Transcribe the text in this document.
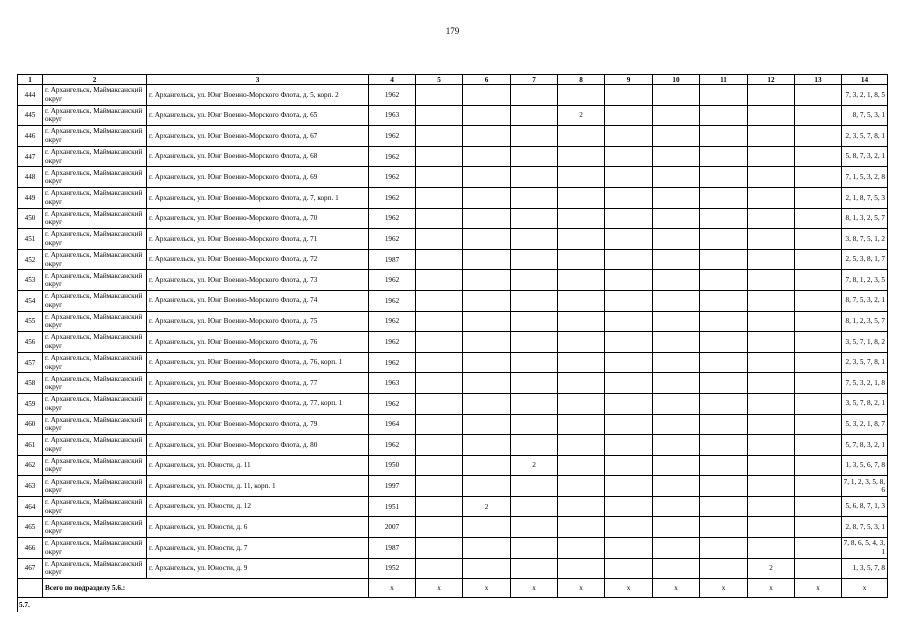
179
1	2	3	4	5	6	7	8	9	10	11	12	13	14
444	г. Архангельск, Маймаксанский округ	г. Архангельск, ул. Юнг Военно-Морского Флота, д. 5, корп. 2	1962										7, 3, 2, 1, 8, 5
445	г. Архангельск, Маймаксанский округ	г. Архангельск, ул. Юнг Военно-Морского Флота, д. 65	1963				2						8, 7, 5, 3, 1
446	г. Архангельск, Маймаксанский округ	г. Архангельск, ул. Юнг Военно-Морского Флота, д. 67	1962										2, 3, 5, 7, 8, 1
447	г. Архангельск, Маймаксанский округ	г. Архангельск, ул. Юнг Военно-Морского Флота, д. 68	1962										5, 8, 7, 3, 2, 1
448	г. Архангельск, Маймаксанский округ	г. Архангельск, ул. Юнг Военно-Морского Флота, д. 69	1962										7, 1, 5, 3, 2, 8
449	г. Архангельск, Маймаксанский округ	г. Архангельск, ул. Юнг Военно-Морского Флота, д. 7, корп. 1	1962										2, 1, 8, 7, 5, 3
450	г. Архангельск, Маймаксанский округ	г. Архангельск, ул. Юнг Военно-Морского Флота, д. 70	1962										8, 1, 3, 2, 5, 7
451	г. Архангельск, Маймаксанский округ	г. Архангельск, ул. Юнг Военно-Морского Флота, д. 71	1962										3, 8, 7, 5, 1, 2
452	г. Архангельск, Маймаксанский округ	г. Архангельск, ул. Юнг Военно-Морского Флота, д. 72	1987										2, 5, 3, 8, 1, 7
453	г. Архангельск, Маймаксанский округ	г. Архангельск, ул. Юнг Военно-Морского Флота, д. 73	1962										7, 8, 1, 2, 3, 5
454	г. Архангельск, Маймаксанский округ	г. Архангельск, ул. Юнг Военно-Морского Флота, д. 74	1962										8, 7, 5, 3, 2, 1
455	г. Архангельск, Маймаксанский округ	г. Архангельск, ул. Юнг Военно-Морского Флота, д. 75	1962										8, 1, 2, 3, 5, 7
456	г. Архангельск, Маймаксанский округ	г. Архангельск, ул. Юнг Военно-Морского Флота, д. 76	1962										3, 5, 7, 1, 8, 2
457	г. Архангельск, Маймаксанский округ	г. Архангельск, ул. Юнг Военно-Морского Флота, д. 76, корп. 1	1962										2, 3, 5, 7, 8, 1
458	г. Архангельск, Маймаксанский округ	г. Архангельск, ул. Юнг Военно-Морского Флота, д. 77	1963										7, 5, 3, 2, 1, 8
459	г. Архангельск, Маймаксанский округ	г. Архангельск, ул. Юнг Военно-Морского Флота, д. 77, корп. 1	1962										3, 5, 7, 8, 2, 1
460	г. Архангельск, Маймаксанский округ	г. Архангельск, ул. Юнг Военно-Морского Флота, д. 79	1964										5, 3, 2, 1, 8, 7
461	г. Архангельск, Маймаксанский округ	г. Архангельск, ул. Юнг Военно-Морского Флота, д. 80	1962										5, 7, 8, 3, 2, 1
462	г. Архангельск, Маймаксанский округ	г. Архангельск, ул. Юности, д. 11	1950			2							1, 3, 5, 6, 7, 8
463	г. Архангельск, Маймаксанский округ	г. Архангельск, ул. Юности, д. 11, корп. 1	1997										7, 1, 2, 3, 5, 8, 6
464	г. Архангельск, Маймаксанский округ	г. Архангельск, ул. Юности, д. 12	1951		2								5, 6, 8, 7, 1, 3
465	г. Архангельск, Маймаксанский округ	г. Архангельск, ул. Юности, д. 6	2007										2, 8, 7, 5, 3, 1
466	г. Архангельск, Маймаксанский округ	г. Архангельск, ул. Юности, д. 7	1987										7, 8, 6, 5, 4, 3, 1
467	г. Архангельск, Маймаксанский округ	г. Архангельск, ул. Юности, д. 9	1952								2		1, 3, 5, 7, 8
	Всего по подразделу 5.6.:		x	x	x	x	x	x	x	x	x	x	x
5.7.													
